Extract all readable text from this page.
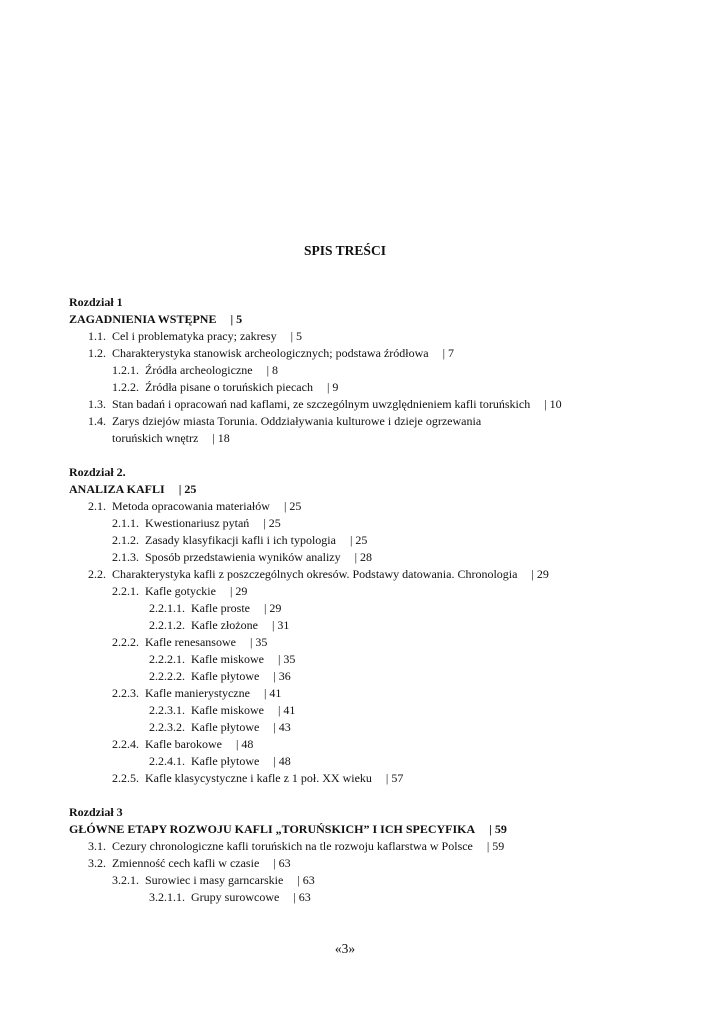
SPIS TREŚCI
Rozdział 1
ZAGADNIENIA WSTĘPNE | 5
1.1. Cel i problematyka pracy; zakresy | 5
1.2. Charakterystyka stanowisk archeologicznych; podstawa źródłowa | 7
1.2.1. Źródła archeologiczne | 8
1.2.2. Źródła pisane o toruńskich piecach | 9
1.3. Stan badań i opracowań nad kaflami, ze szczególnym uwzględnieniem kafli toruńskich | 10
1.4. Zarys dziejów miasta Torunia. Oddziaływania kulturowe i dzieje ogrzewania
toruńskich wnętrz | 18
Rozdział 2.
ANALIZA KAFLI | 25
2.1. Metoda opracowania materiałów | 25
2.1.1. Kwestionariusz pytań | 25
2.1.2. Zasady klasyfikacji kafli i ich typologia | 25
2.1.3. Sposób przedstawienia wyników analizy | 28
2.2. Charakterystyka kafli z poszczególnych okresów. Podstawy datowania. Chronologia | 29
2.2.1. Kafle gotyckie | 29
2.2.1.1. Kafle proste | 29
2.2.1.2. Kafle złożone | 31
2.2.2. Kafle renesansowe | 35
2.2.2.1. Kafle miskowe | 35
2.2.2.2. Kafle płytowe | 36
2.2.3. Kafle manierystyczne | 41
2.2.3.1. Kafle miskowe | 41
2.2.3.2. Kafle płytowe | 43
2.2.4. Kafle barokowe | 48
2.2.4.1. Kafle płytowe | 48
2.2.5. Kafle klasycystyczne i kafle z 1 poł. XX wieku | 57
Rozdział 3
GŁÓWNE ETAPY ROZWOJU KAFLI „TORUŃSKICH” I ICH SPECYFIKA | 59
3.1. Cezury chronologiczne kafli toruńskich na tle rozwoju kaflarstwa w Polsce | 59
3.2. Zmienność cech kafli w czasie | 63
3.2.1. Surowiec i masy garncarskie | 63
3.2.1.1. Grupy surowcowe | 63
«3»
